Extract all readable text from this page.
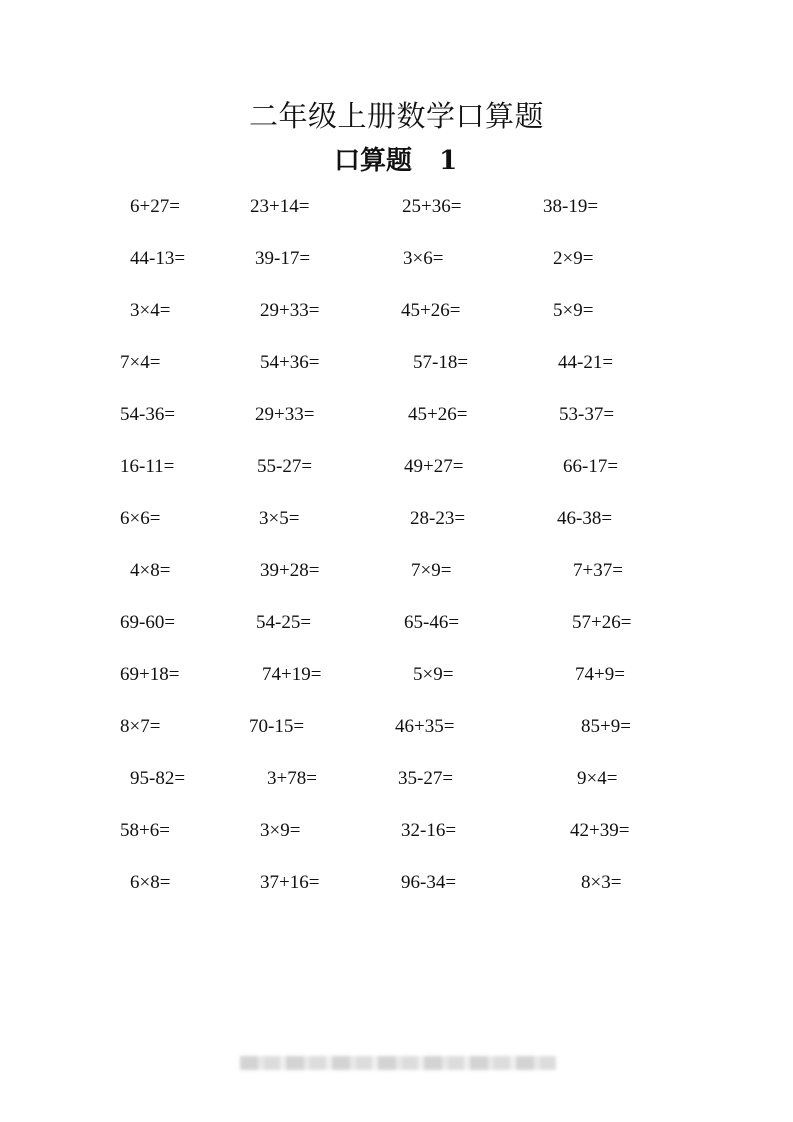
二年级上册数学口算题
口算题   1
6+27=	23+14=	25+36=	38-19=
44-13=	39-17=	3×6=	2×9=
3×4=	29+33=	45+26=	5×9=
7×4=	54+36=	57-18=	44-21=
54-36=	29+33=	45+26=	53-37=
16-11=	55-27=	49+27=	66-17=
6×6=	3×5=	28-23=	46-38=
4×8=	39+28=	7×9=	7+37=
69-60=	54-25=	65-46=	57+26=
69+18=	74+19=	5×9=	74+9=
8×7=	70-15=	46+35=	85+9=
95-82=	3+78=	35-27=	9×4=
58+6=	3×9=	32-16=	42+39=
6×8=	37+16=	96-34=	8×3=
